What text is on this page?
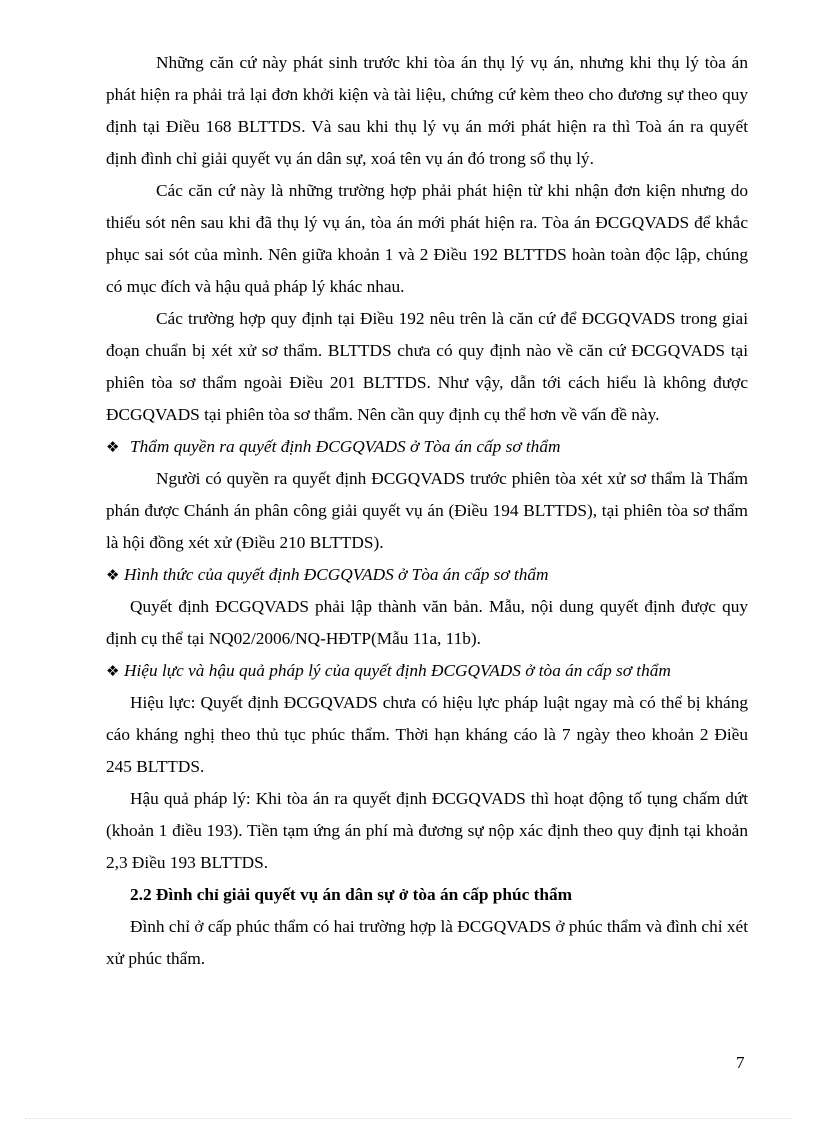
Những căn cứ này phát sinh trước khi tòa án thụ lý vụ án, nhưng khi thụ lý tòa án phát hiện ra phải trả lại đơn khởi kiện và tài liệu, chứng cứ kèm theo cho đương sự theo quy định tại Điều 168 BLTTDS. Và sau khi thụ lý vụ án mới phát hiện ra thì Toà án ra quyết định đình chỉ giải quyết vụ án dân sự, xoá tên vụ án đó trong sổ thụ lý.

Các căn cứ này là những trường hợp phải phát hiện từ khi nhận đơn kiện nhưng do thiếu sót nên sau khi đã thụ lý vụ án, tòa án mới phát hiện ra. Tòa án ĐCGQVADS để khắc phục sai sót của mình. Nên giữa khoản 1 và 2 Điều 192 BLTTDS hoàn toàn độc lập, chúng có mục đích và hậu quả pháp lý khác nhau.

Các trường hợp quy định tại Điều 192 nêu trên là căn cứ để ĐCGQVADS trong giai đoạn chuẩn bị xét xử sơ thẩm. BLTTDS chưa có quy định nào về căn cứ ĐCGQVADS tại phiên tòa sơ thẩm ngoài Điều 201 BLTTDS. Như vậy, dẫn tới cách hiểu là không được ĐCGQVADS tại phiên tòa sơ thẩm. Nên cần quy định cụ thể hơn về vấn đề này.

❖ Thẩm quyền ra quyết định ĐCGQVADS ở Tòa án cấp sơ thẩm

Người có quyền ra quyết định ĐCGQVADS trước phiên tòa xét xử sơ thẩm là Thẩm phán được Chánh án phân công giải quyết vụ án (Điều 194 BLTTDS), tại phiên tòa sơ thẩm là hội đồng xét xử (Điều 210 BLTTDS).

❖ Hình thức của quyết định ĐCGQVADS ở Tòa án cấp sơ thẩm

Quyết định ĐCGQVADS phải lập thành văn bản. Mẫu, nội dung quyết định được quy định cụ thể tại NQ02/2006/NQ-HĐTP(Mẫu 11a, 11b).

❖ Hiệu lực và hậu quả pháp lý của quyết định ĐCGQVADS ở tòa án cấp sơ thẩm

Hiệu lực: Quyết định ĐCGQVADS chưa có hiệu lực pháp luật ngay mà có thể bị kháng cáo kháng nghị theo thủ tục phúc thẩm. Thời hạn kháng cáo là 7 ngày theo khoản 2 Điều 245 BLTTDS.

Hậu quả pháp lý: Khi tòa án ra quyết định ĐCGQVADS thì hoạt động tố tụng chấm dứt (khoản 1 điều 193). Tiền tạm ứng án phí mà đương sự nộp xác định theo quy định tại khoản 2,3 Điều 193 BLTTDS.

2.2 Đình chỉ giải quyết vụ án dân sự ở tòa án cấp phúc thẩm

Đình chỉ ở cấp phúc thẩm có hai trường hợp là ĐCGQVADS ở phúc thẩm và đình chỉ xét xử phúc thẩm.

7
